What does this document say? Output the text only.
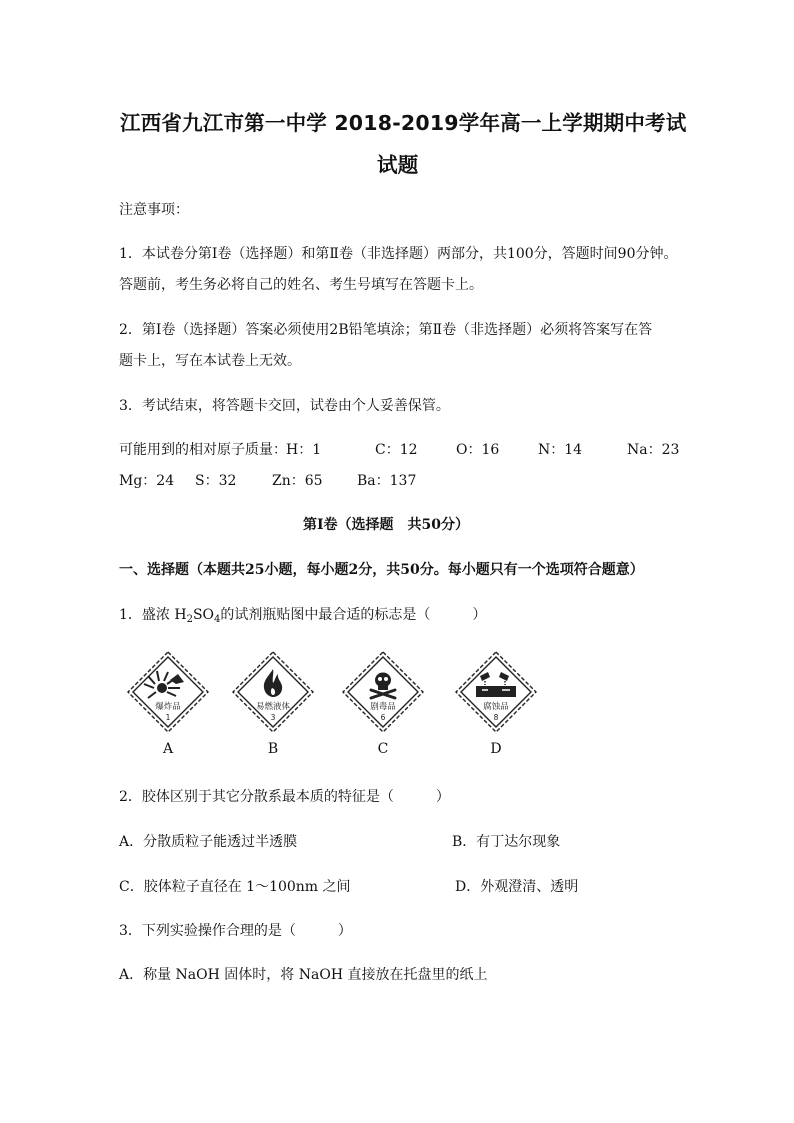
江西省九江市第一中学 2018-2019学年高一上学期期中考试
试题
注意事项：
1．本试卷分第Ⅰ卷（选择题）和第Ⅱ卷（非选择题）两部分，共100分，答题时间90分钟。
答题前，考生务必将自己的姓名、考生号填写在答题卡上。
2．第Ⅰ卷（选择题）答案必须使用2B铅笔填涂；第Ⅱ卷（非选择题）必须将答案写在答
题卡上，写在本试卷上无效。
3．考试结束，将答题卡交回，试卷由个人妥善保管。
可能用到的相对原子质量： H：1	C：12	O：16	N：14	Na：23
Mg：24 S：32	Zn：65 Ba：137
第Ⅰ卷（选择题　共50分）
一、选择题（本题共25小题，每小题2分，共50分。每小题只有一个选项符合题意）
1．盛浓 $H_2SO_4$的试剂瓶贴图中最合适的标志是（　　　）
爆炸品
1
A
易燃液体
3
B
剧毒品
6
C
腐蚀品
8
D
2．胶体区别于其它分散系最本质的特征是（　　　）
A．分散质粒子能透过半透膜	B．有丁达尔现象
C．胶体粒子直径在 1～100nm 之间	D．外观澄清、透明
3．下列实验操作合理的是（　　　）
A．称量 NaOH 固体时，将 NaOH 直接放在托盘里的纸上
